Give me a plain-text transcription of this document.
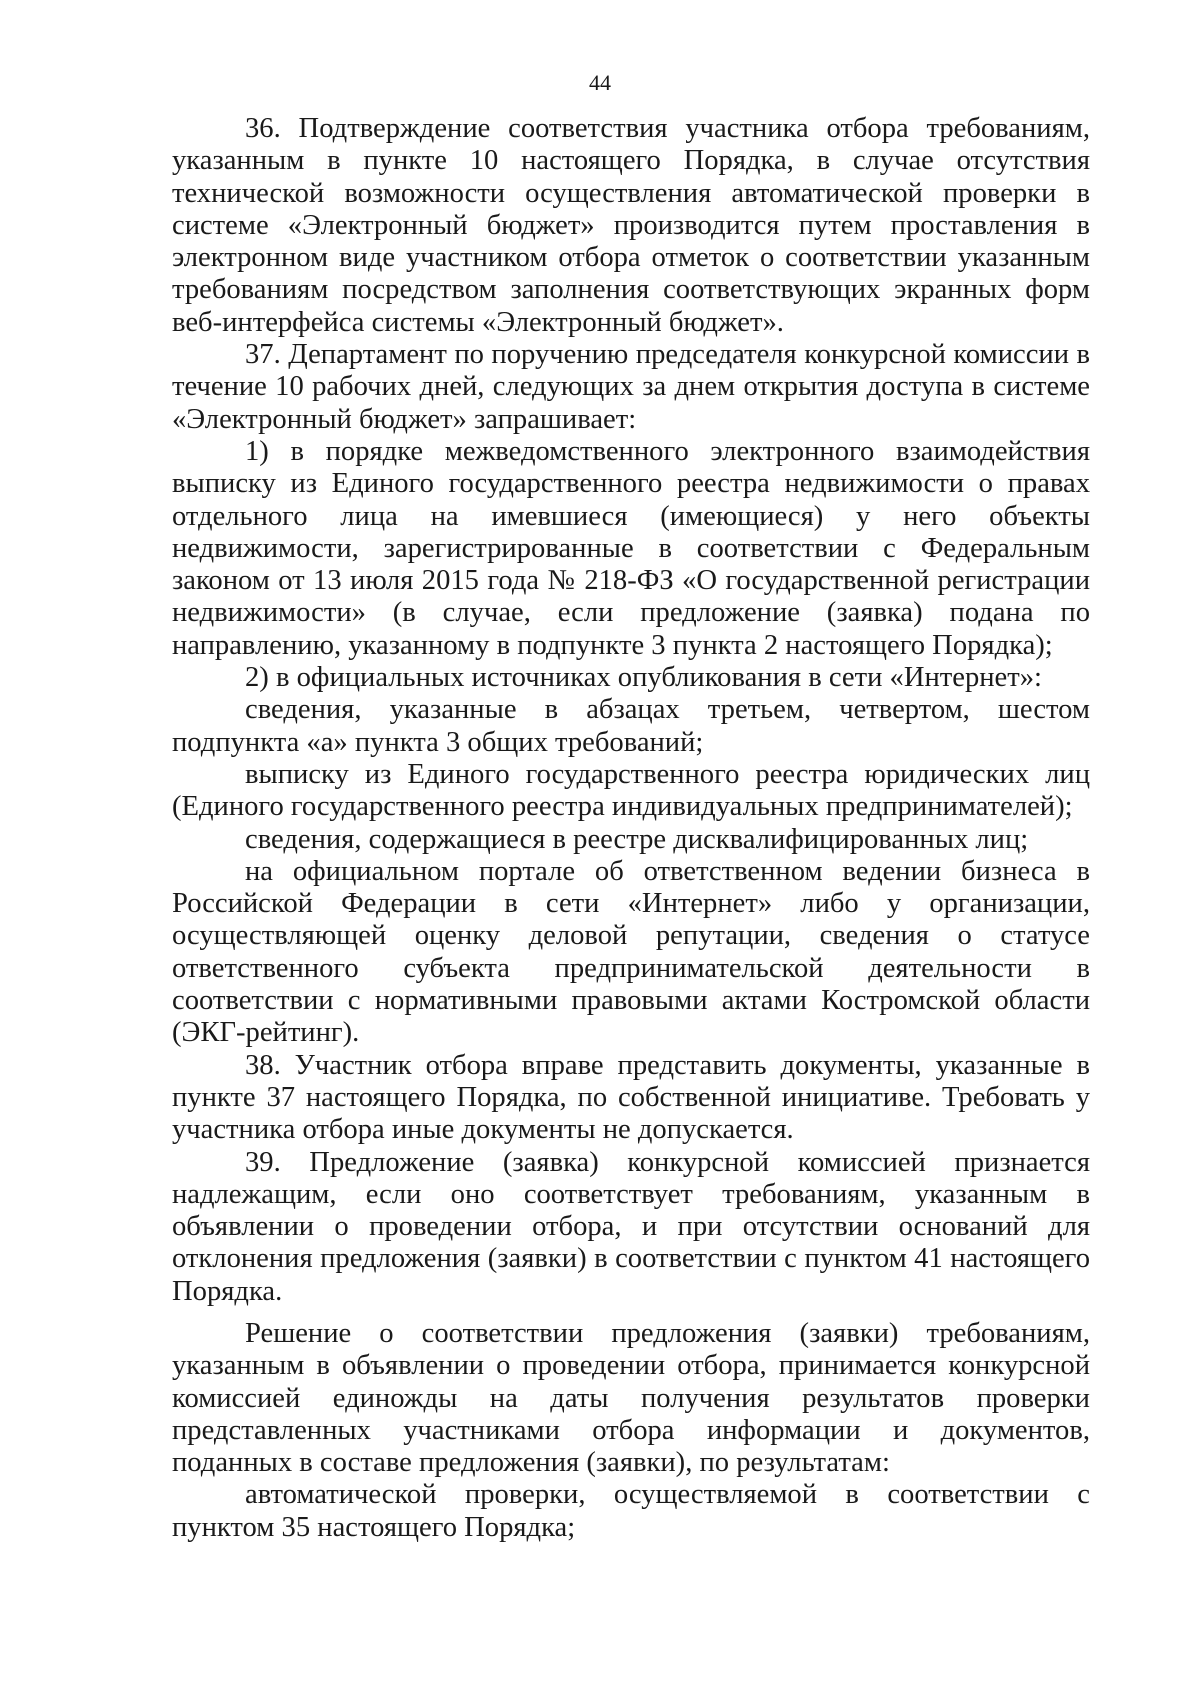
44

36. Подтверждение соответствия участника отбора требованиям, указанным в пункте 10 настоящего Порядка, в случае отсутствия технической возможности осуществления автоматической проверки в системе «Электронный бюджет» производится путем проставления в электронном виде участником отбора отметок о соответствии указанным требованиям посредством заполнения соответствующих экранных форм веб-интерфейса системы «Электронный бюджет».

37. Департамент по поручению председателя конкурсной комиссии в течение 10 рабочих дней, следующих за днем открытия доступа в системе «Электронный бюджет» запрашивает:

1) в порядке межведомственного электронного взаимодействия выписку из Единого государственного реестра недвижимости о правах отдельного лица на имевшиеся (имеющиеся) у него объекты недвижимости, зарегистрированные в соответствии с Федеральным законом от 13 июля 2015 года № 218-ФЗ «О государственной регистрации недвижимости» (в случае, если предложение (заявка) подана по направлению, указанному в подпункте 3 пункта 2 настоящего Порядка);

2) в официальных источниках опубликования в сети «Интернет»:

сведения, указанные в абзацах третьем, четвертом, шестом подпункта «а» пункта 3 общих требований;

выписку из Единого государственного реестра юридических лиц (Единого государственного реестра индивидуальных предпринимателей);

сведения, содержащиеся в реестре дисквалифицированных лиц;

на официальном портале об ответственном ведении бизнеса в Российской Федерации в сети «Интернет» либо у организации, осуществляющей оценку деловой репутации, сведения о статусе ответственного субъекта предпринимательской деятельности в соответствии с нормативными правовыми актами Костромской области (ЭКГ-рейтинг).

38. Участник отбора вправе представить документы, указанные в пункте 37 настоящего Порядка, по собственной инициативе. Требовать у участника отбора иные документы не допускается.

39. Предложение (заявка) конкурсной комиссией признается надлежащим, если оно соответствует требованиям, указанным в объявлении о проведении отбора, и при отсутствии оснований для отклонения предложения (заявки) в соответствии с пунктом 41 настоящего Порядка.

Решение о соответствии предложения (заявки) требованиям, указанным в объявлении о проведении отбора, принимается конкурсной комиссией единожды на даты получения результатов проверки представленных участниками отбора информации и документов, поданных в составе предложения (заявки), по результатам:

автоматической проверки, осуществляемой в соответствии с пунктом 35 настоящего Порядка;
